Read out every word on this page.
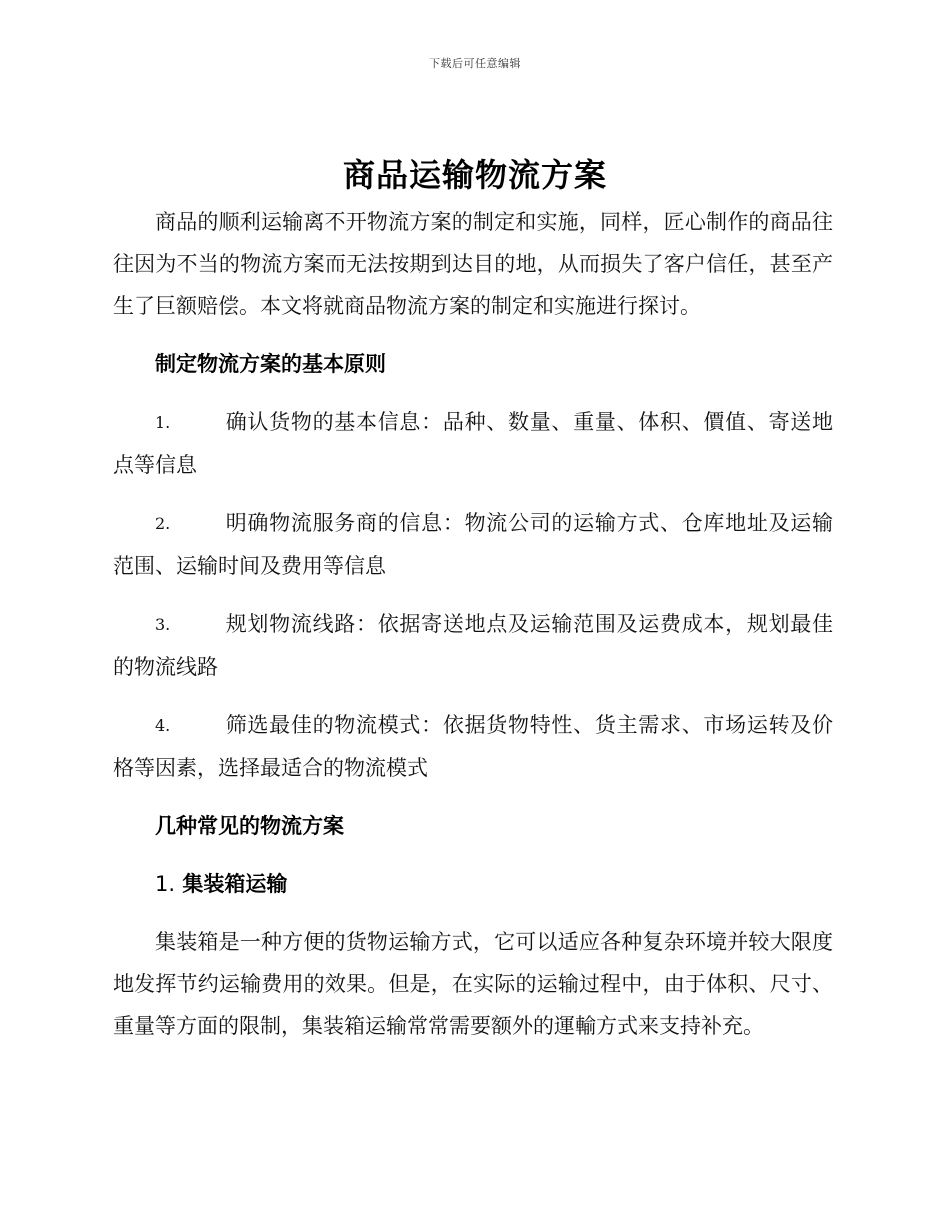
下载后可任意编辑
商品运输物流方案

商品的顺利运输离不开物流方案的制定和实施，同样，匠心制作的商品往往因为不当的物流方案而无法按期到达目的地，从而损失了客户信任，甚至产生了巨额赔偿。本文将就商品物流方案的制定和实施进行探讨。

制定物流方案的基本原则

1.	确认货物的基本信息：品种、数量、重量、体积、價值、寄送地点等信息

2.	明确物流服务商的信息：物流公司的运输方式、仓库地址及运输范围、运输时间及费用等信息

3.	规划物流线路：依据寄送地点及运输范围及运费成本，规划最佳的物流线路

4.	筛选最佳的物流模式：依据货物特性、货主需求、市场运转及价格等因素，选择最适合的物流模式

几种常见的物流方案

1. 集装箱运输

集装箱是一种方便的货物运输方式，它可以适应各种复杂环境并较大限度地发挥节约运输费用的效果。但是，在实际的运输过程中，由于体积、尺寸、重量等方面的限制，集装箱运输常常需要额外的運輸方式来支持补充。
